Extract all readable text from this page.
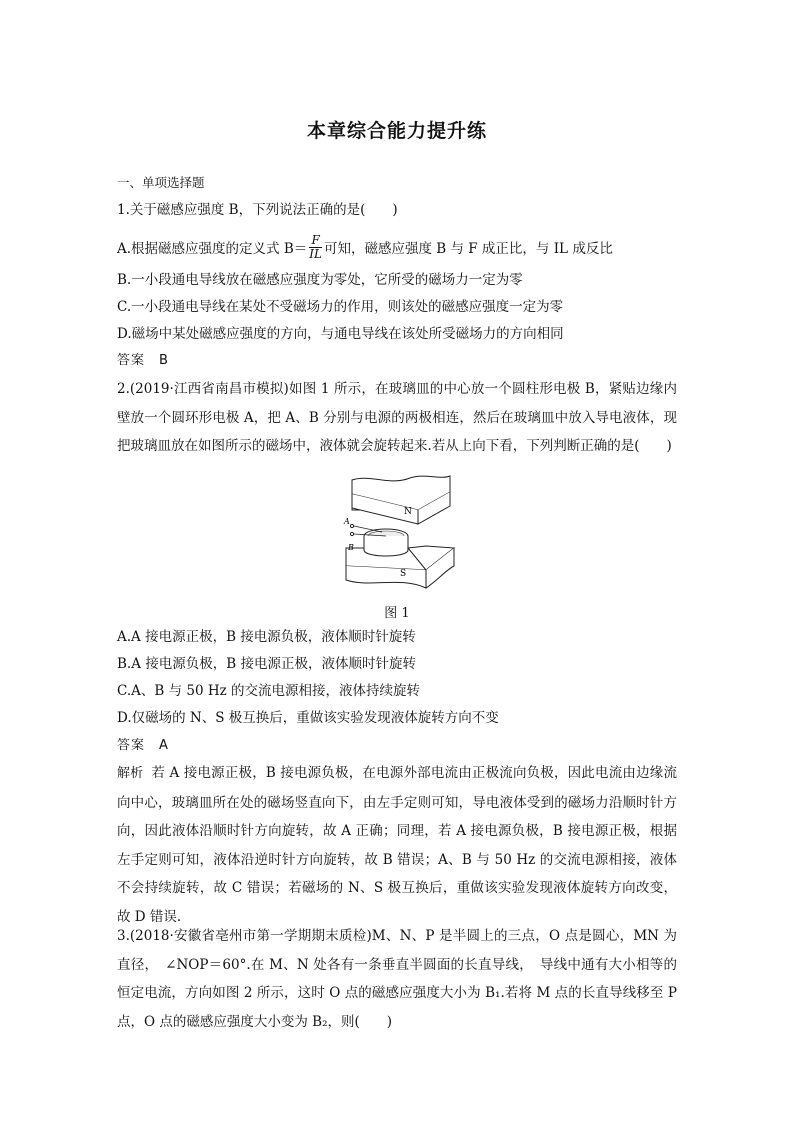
本章综合能力提升练
一、单项选择题
1.关于磁感应强度 B，下列说法正确的是(　　)
A.根据磁感应强度的定义式 $B= \frac{F}{IL}$ 可知，磁感应强度 B 与 F 成正比，与 IL 成反比
B.一小段通电导线放在磁感应强度为零处，它所受的磁场力一定为零
C.一小段通电导线在某处不受磁场力的作用，则该处的磁感应强度一定为零
D.磁场中某处磁感应强度的方向，与通电导线在该处所受磁场力的方向相同
答案　B

2.(2019·江西省南昌市模拟)如图 1 所示，在玻璃皿的中心放一个圆柱形电极 B，紧贴边缘内壁放一个圆环形电极 A，把 A、B 分别与电源的两极相连，然后在玻璃皿中放入导电液体，现把玻璃皿放在如图所示的磁场中，液体就会旋转起来.若从上向下看，下列判断正确的是(　　)

N
A
B
S
图 1
A.A 接电源正极，B 接电源负极，液体顺时针旋转
B.A 接电源负极，B 接电源正极，液体顺时针旋转
C.A、B 与 50 Hz 的交流电源相接，液体持续旋转
D.仅磁场的 N、S 极互换后，重做该实验发现液体旋转方向不变
答案　A

解析 若 A 接电源正极，B 接电源负极，在电源外部电流由正极流向负极，因此电流由边缘流向中心，玻璃皿所在处的磁场竖直向下，由左手定则可知，导电液体受到的磁场力沿顺时针方向，因此液体沿顺时针方向旋转，故 A 正确；同理，若 A 接电源负极，B 接电源正极，根据左手定则可知，液体沿逆时针方向旋转，故 B 错误；A、B 与 50 Hz 的交流电源相接，液体不会持续旋转，故 C 错误；若磁场的 N、S 极互换后，重做该实验发现液体旋转方向改变，故 D 错误.

3.(2018·安徽省亳州市第一学期期末质检)M、N、P 是半圆上的三点，O 点是圆心，MN 为直径，　∠NOP＝60°.在 M、N 处各有一条垂直半圆面的长直导线，　导线中通有大小相等的恒定电流，方向如图 2 所示，这时 O 点的磁感应强度大小为 B₁.若将 M 点的长直导线移至 P 点，O 点的磁感应强度大小变为 B₂，则(　　)
